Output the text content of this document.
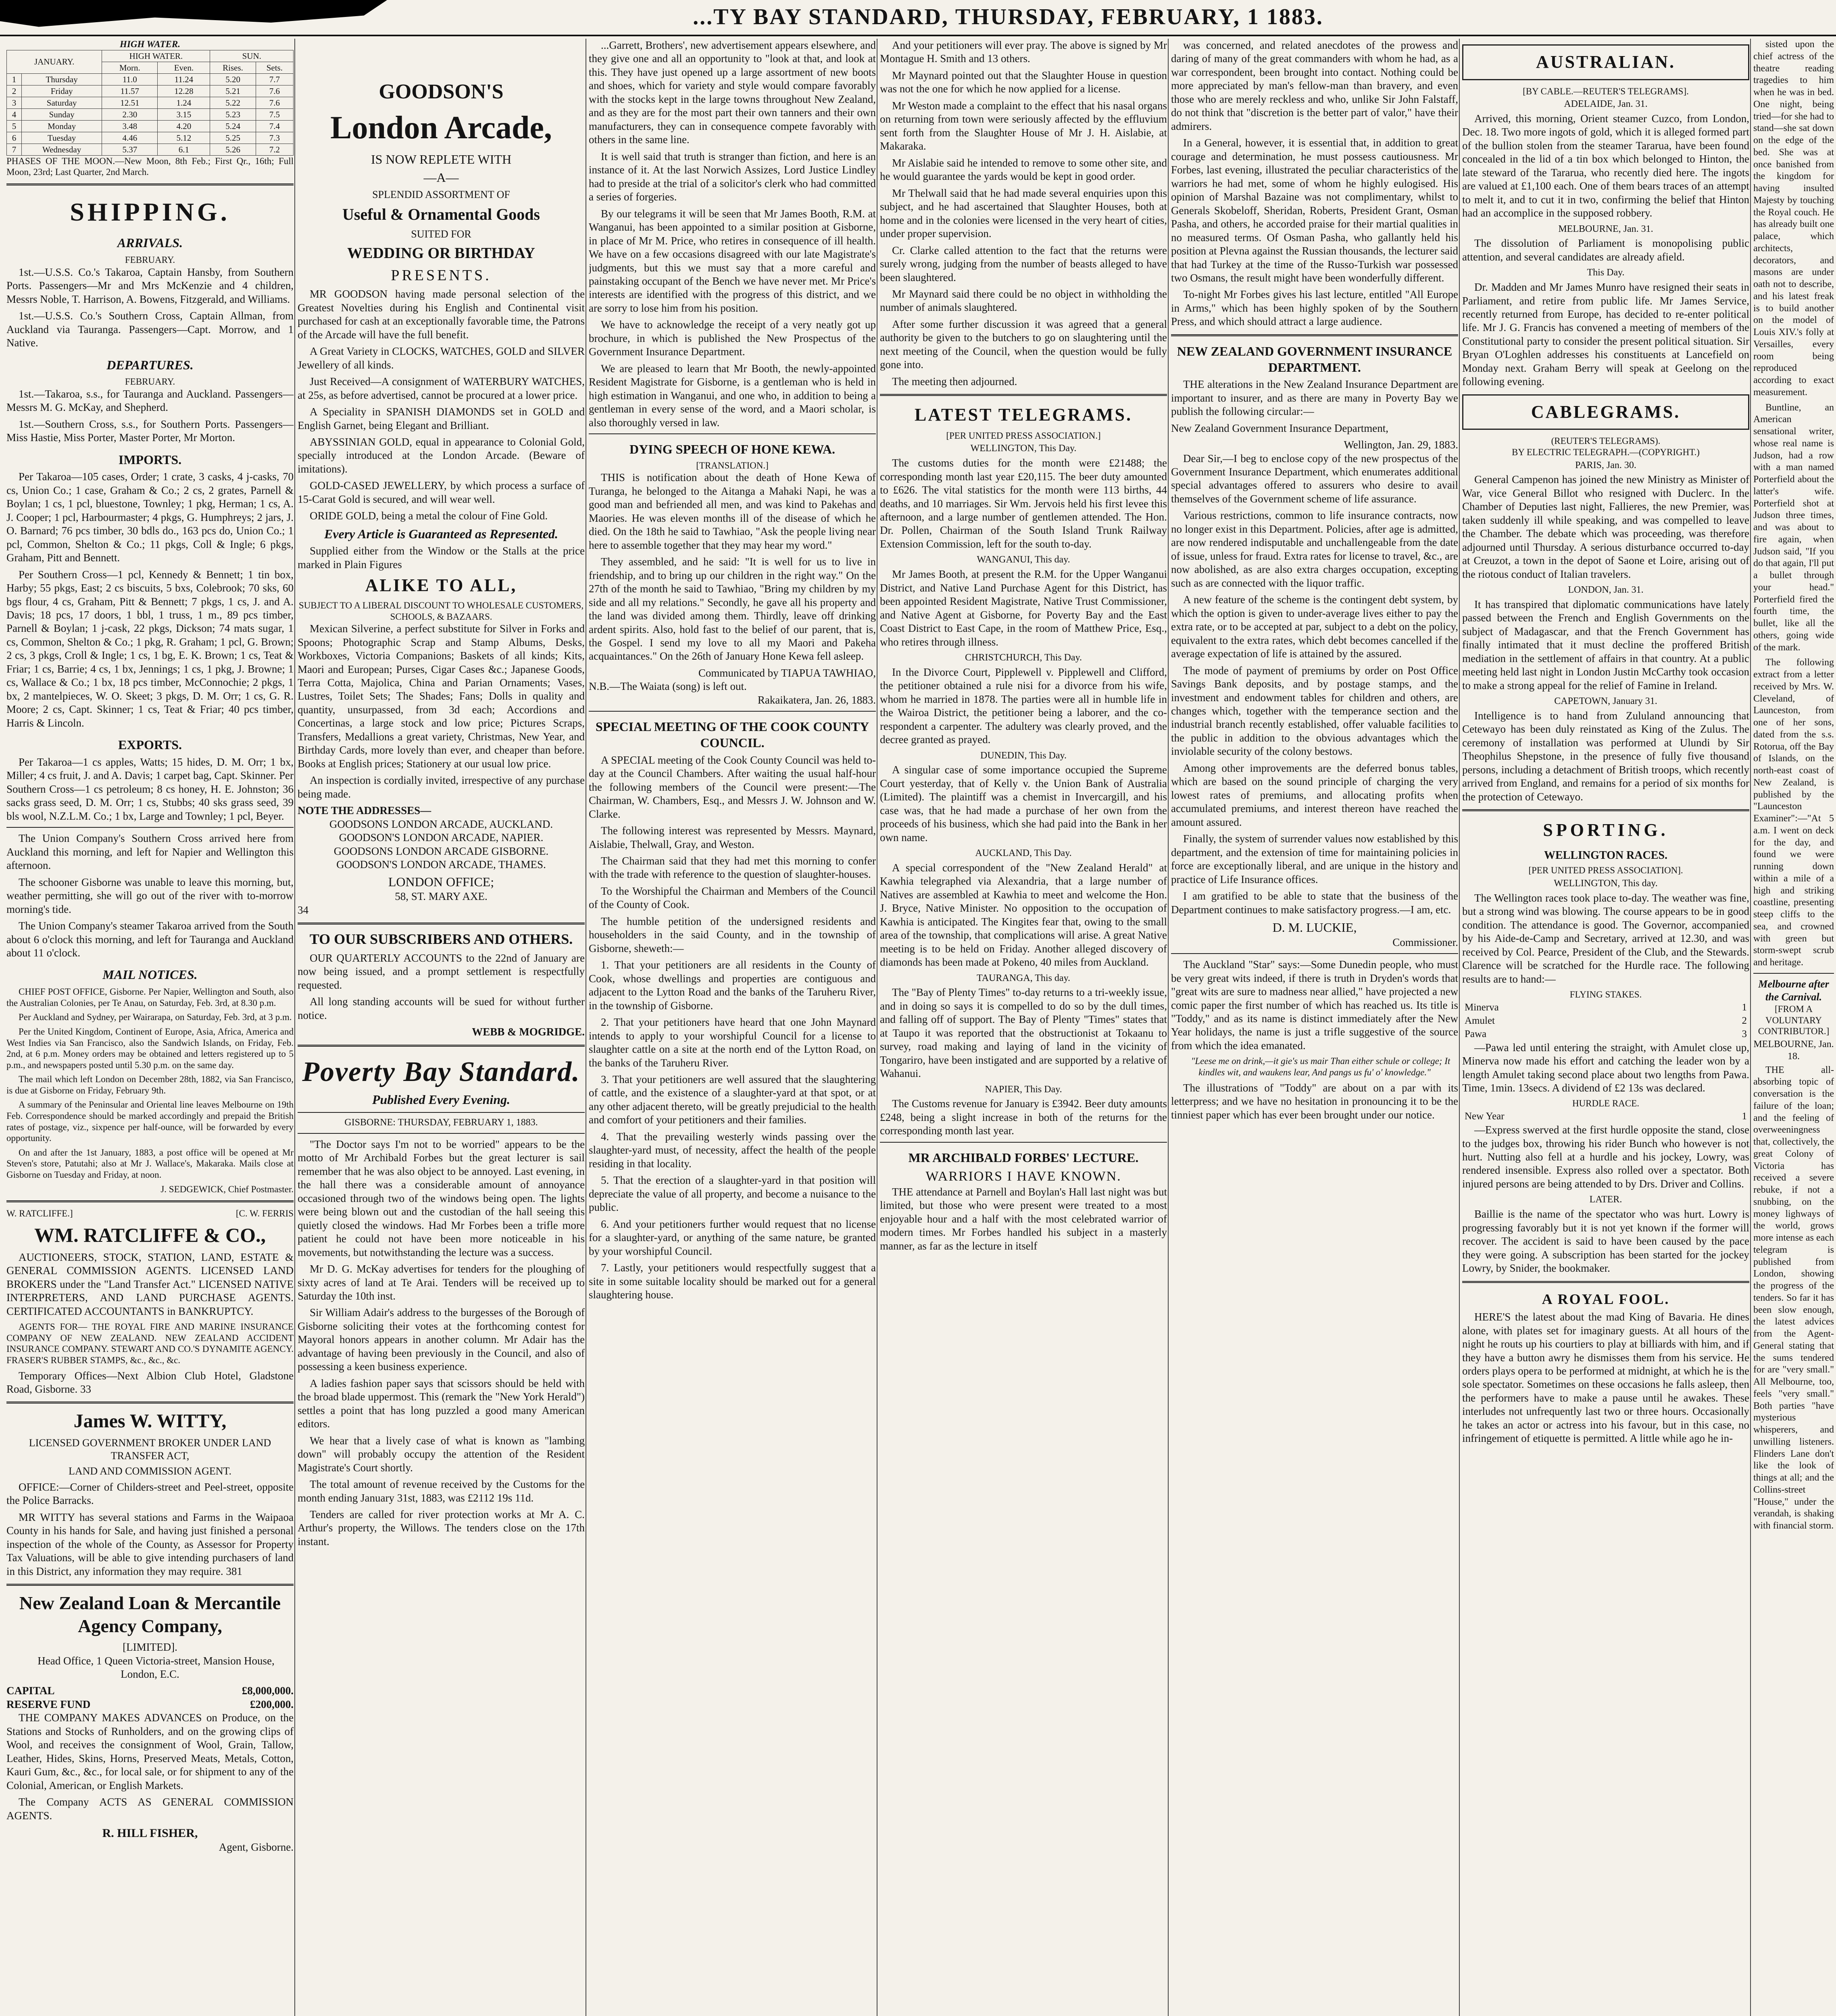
...TY BAY STANDARD, THURSDAY, FEBRUARY, 1 1883.
HIGH WATER.
JANUARY.		HIGH WATER.		SUN.	
		Morn.	Even.	Rises.	Sets.
1	Thursday	11.0	11.24	5.20	7.7
2	Friday	11.57	12.28	5.21	7.6
3	Saturday	12.51	1.24	5.22	7.6
4	Sunday	2.30	3.15	5.23	7.5
5	Monday	3.48	4.20	5.24	7.4
6	Tuesday	4.46	5.12	5.25	7.3
7	Wednesday	5.37	6.1	5.26	7.2
PHASES OF THE MOON.—New Moon, 8th Feb.; First Qr., 16th; Full Moon, 23rd; Last Quarter, 2nd March.
SHIPPING.
ARRIVALS.
FEBRUARY.

1st.—U.S.S. Co.'s Takaroa, Captain Hansby, from Southern Ports. Passengers—Mr and Mrs McKenzie and 4 children, Messrs Noble, T. Harrison, A. Bowens, Fitzgerald, and Williams.

1st.—U.S.S. Co.'s Southern Cross, Captain Allman, from Auckland via Tauranga. Passengers—Capt. Morrow, and 1 Native.

DEPARTURES.
FEBRUARY.

1st.—Takaroa, s.s., for Tauranga and Auckland. Passengers—Messrs M. G. McKay, and Shepherd.

1st.—Southern Cross, s.s., for Southern Ports. Passengers—Miss Hastie, Miss Porter, Master Porter, Mr Morton.

IMPORTS.

Per Takaroa—105 cases, Order; 1 crate, 3 casks, 4 j-casks, 70 cs, Union Co.; 1 case, Graham & Co.; 2 cs, 2 grates, Parnell & Boylan; 1 cs, 1 pcl, bluestone, Townley; 1 pkg, Herman; 1 cs, A. J. Cooper; 1 pcl, Harbourmaster; 4 pkgs, G. Humphreys; 2 jars, J. O. Barnard; 76 pcs timber, 30 bdls do., 163 pcs do, Union Co.; 1 pcl, Common, Shelton & Co.; 11 pkgs, Coll & Ingle; 6 pkgs, Graham, Pitt and Bennett.

Per Southern Cross—1 pcl, Kennedy & Bennett; 1 tin box, Harby; 55 pkgs, East; 2 cs biscuits, 5 bxs, Colebrook; 70 sks, 60 bgs flour, 4 cs, Graham, Pitt & Bennett; 7 pkgs, 1 cs, J. and A. Davis; 18 pcs, 17 doors, 1 bbl, 1 truss, 1 m., 89 pcs timber, Parnell & Boylan; 1 j-cask, 22 pkgs, Dickson; 74 mats sugar, 1 cs, Common, Shelton & Co.; 1 pkg, R. Graham; 1 pcl, G. Brown; 2 cs, 3 pkgs, Croll & Ingle; 1 cs, 1 bg, E. K. Brown; 1 cs, Teat & Friar; 1 cs, Barrie; 4 cs, 1 bx, Jennings; 1 cs, 1 pkg, J. Browne; 1 cs, Wallace & Co.; 1 bx, 18 pcs timber, McConnochie; 2 pkgs, 1 bx, 2 mantelpieces, W. O. Skeet; 3 pkgs, D. M. Orr; 1 cs, G. R. Moore; 2 cs, Capt. Skinner; 1 cs, Teat & Friar; 40 pcs timber, Harris & Lincoln.

EXPORTS.

Per Takaroa—1 cs apples, Watts; 15 hides, D. M. Orr; 1 bx, Miller; 4 cs fruit, J. and A. Davis; 1 carpet bag, Capt. Skinner. Per Southern Cross—1 cs petroleum; 8 cs honey, H. E. Johnston; 36 sacks grass seed, D. M. Orr; 1 cs, Stubbs; 40 sks grass seed, 39 bls wool, N.Z.L.M. Co.; 1 bx, Large and Townley; 1 pcl, Beyer.

The Union Company's Southern Cross arrived here from Auckland this morning, and left for Napier and Wellington this afternoon.

The schooner Gisborne was unable to leave this morning, but, weather permitting, she will go out of the river with to-morrow morning's tide.

The Union Company's steamer Takaroa arrived from the South about 6 o'clock this morning, and left for Tauranga and Auckland about 11 o'clock.

MAIL NOTICES.

CHIEF POST OFFICE, Gisborne. Per Napier, Wellington and South, also the Australian Colonies, per Te Anau, on Saturday, Feb. 3rd, at 8.30 p.m.

Per Auckland and Sydney, per Wairarapa, on Saturday, Feb. 3rd, at 3 p.m.

Per the United Kingdom, Continent of Europe, Asia, Africa, America and West Indies via San Francisco, also the Sandwich Islands, on Friday, Feb. 2nd, at 6 p.m. Money orders may be obtained and letters registered up to 5 p.m., and newspapers posted until 5.30 p.m. on the same day.

The mail which left London on December 28th, 1882, via San Francisco, is due at Gisborne on Friday, February 9th.

A summary of the Peninsular and Oriental line leaves Melbourne on 19th Feb. Correspondence should be marked accordingly and prepaid the British rates of postage, viz., sixpence per half-ounce, will be forwarded by every opportunity.

On and after the 1st January, 1883, a post office will be opened at Mr Steven's store, Patutahi; also at Mr J. Wallace's, Makaraka. Mails close at Gisborne on Tuesday and Friday, at noon.

J. SEDGEWICK, Chief Postmaster.
W. RATCLIFFE.]	[C. W. FERRIS
WM. RATCLIFFE & CO.,

AUCTIONEERS, STOCK, STATION, LAND, ESTATE & GENERAL COMMISSION AGENTS. LICENSED LAND BROKERS under the "Land Transfer Act." LICENSED NATIVE INTERPRETERS, AND LAND PURCHASE AGENTS. CERTIFICATED ACCOUNTANTS in BANKRUPTCY.

AGENTS FOR— THE ROYAL FIRE AND MARINE INSURANCE COMPANY OF NEW ZEALAND. NEW ZEALAND ACCIDENT INSURANCE COMPANY. STEWART AND CO.'S DYNAMITE AGENCY. FRASER'S RUBBER STAMPS, &c., &c., &c.

Temporary Offices—Next Albion Club Hotel, Gladstone Road, Gisborne. 33

James W. WITTY,
LICENSED GOVERNMENT BROKER UNDER LAND TRANSFER ACT,
LAND AND COMMISSION AGENT.

OFFICE:—Corner of Childers-street and Peel-street, opposite the Police Barracks.

MR WITTY has several stations and Farms in the Waipaoa County in his hands for Sale, and having just finished a personal inspection of the whole of the County, as Assessor for Property Tax Valuations, will be able to give intending purchasers of land in this District, any information they may require. 381

New Zealand Loan & Mercantile Agency Company,
[LIMITED].

Head Office, 1 Queen Victoria-street, Mansion House, London, E.C.

CAPITAL	£8,000,000.
RESERVE FUND	£200,000.

THE COMPANY MAKES ADVANCES on Produce, on the Stations and Stocks of Runholders, and on the growing clips of Wool, and receives the consignment of Wool, Grain, Tallow, Leather, Hides, Skins, Horns, Preserved Meats, Metals, Cotton, Kauri Gum, &c., &c., for local sale, or for shipment to any of the Colonial, American, or English Markets.

The Company ACTS AS GENERAL COMMISSION AGENTS.

R. HILL FISHER,
Agent, Gisborne.
GOODSON'S
London Arcade,
IS NOW REPLETE WITH
—A—
SPLENDID ASSORTMENT OF
Useful & Ornamental Goods
SUITED FOR
WEDDING OR BIRTHDAY
PRESENTS.

MR GOODSON having made personal selection of the Greatest Novelties during his English and Continental visit purchased for cash at an exceptionally favorable time, the Patrons of the Arcade will have the full benefit.

A Great Variety in CLOCKS, WATCHES, GOLD and SILVER Jewellery of all kinds.

Just Received—A consignment of WATERBURY WATCHES, at 25s, as before advertised, cannot be procured at a lower price.

A Speciality in SPANISH DIAMONDS set in GOLD and English Garnet, being Elegant and Brilliant.

ABYSSINIAN GOLD, equal in appearance to Colonial Gold, specially introduced at the London Arcade. (Beware of imitations).

GOLD-CASED JEWELLERY, by which process a surface of 15-Carat Gold is secured, and will wear well.

ORIDE GOLD, being a metal the colour of Fine Gold.

Every Article is Guaranteed as Represented.

Supplied either from the Window or the Stalls at the price marked in Plain Figures

ALIKE TO ALL,
SUBJECT TO A LIBERAL DISCOUNT TO WHOLESALE CUSTOMERS, SCHOOLS, & BAZAARS.

Mexican Silverine, a perfect substitute for Silver in Forks and Spoons; Photographic Scrap and Stamp Albums, Desks, Workboxes, Victoria Companions; Baskets of all kinds; Kits, Maori and European; Purses, Cigar Cases &c.; Japanese Goods, Terra Cotta, Majolica, China and Parian Ornaments; Vases, Lustres, Toilet Sets; The Shades; Fans; Dolls in quality and quantity, unsurpassed, from 3d each; Accordions and Concertinas, a large stock and low price; Pictures Scraps, Transfers, Medallions a great variety, Christmas, New Year, and Birthday Cards, more lovely than ever, and cheaper than before. Books at English prices; Stationery at our usual low price.

An inspection is cordially invited, irrespective of any purchase being made.

NOTE THE ADDRESSES—
GOODSONS LONDON ARCADE, AUCKLAND.
GOODSON'S LONDON ARCADE, NAPIER.
GOODSONS LONDON ARCADE GISBORNE.
GOODSON'S LONDON ARCADE, THAMES.
LONDON OFFICE;
58, ST. MARY AXE.
34
TO OUR SUBSCRIBERS AND OTHERS.

OUR QUARTERLY ACCOUNTS to the 22nd of January are now being issued, and a prompt settlement is respectfully requested.

All long standing accounts will be sued for without further notice.

WEBB & MOGRIDGE.
Poverty Bay Standard.
Published Every Evening.
GISBORNE: THURSDAY, FEBRUARY 1, 1883.

"The Doctor says I'm not to be worried" appears to be the motto of Mr Archibald Forbes but the great lecturer is sail remember that he was also object to be annoyed. Last evening, in the hall there was a considerable amount of annoyance occasioned through two of the windows being open. The lights were being blown out and the custodian of the hall seeing this quietly closed the windows. Had Mr Forbes been a trifle more patient he could not have been more noticeable in his movements, but notwithstanding the lecture was a success.

Mr D. G. McKay advertises for tenders for the ploughing of sixty acres of land at Te Arai. Tenders will be received up to Saturday the 10th inst.

Sir William Adair's address to the burgesses of the Borough of Gisborne soliciting their votes at the forthcoming contest for Mayoral honors appears in another column. Mr Adair has the advantage of having been previously in the Council, and also of possessing a keen business experience.

A ladies fashion paper says that scissors should be held with the broad blade uppermost. This (remark the "New York Herald") settles a point that has long puzzled a good many American editors.

We hear that a lively case of what is known as "lambing down" will probably occupy the attention of the Resident Magistrate's Court shortly.

The total amount of revenue received by the Customs for the month ending January 31st, 1883, was £2112 19s 11d.

Tenders are called for river protection works at Mr A. C. Arthur's property, the Willows. The tenders close on the 17th instant.

...Garrett, Brothers', new advertisement appears elsewhere, and they give one and all an opportunity to "look at that, and look at this. They have just opened up a large assortment of new boots and shoes, which for variety and style would compare favorably with the stocks kept in the large towns throughout New Zealand, and as they are for the most part their own tanners and their own manufacturers, they can in consequence compete favorably with others in the same line.

It is well said that truth is stranger than fiction, and here is an instance of it. At the last Norwich Assizes, Lord Justice Lindley had to preside at the trial of a solicitor's clerk who had committed a series of forgeries.

By our telegrams it will be seen that Mr James Booth, R.M. at Wanganui, has been appointed to a similar position at Gisborne, in place of Mr M. Price, who retires in consequence of ill health. We have on a few occasions disagreed with our late Magistrate's judgments, but this we must say that a more careful and painstaking occupant of the Bench we have never met. Mr Price's interests are identified with the progress of this district, and we are sorry to lose him from his position.

We have to acknowledge the receipt of a very neatly got up brochure, in which is published the New Prospectus of the Government Insurance Department.

We are pleased to learn that Mr Booth, the newly-appointed Resident Magistrate for Gisborne, is a gentleman who is held in high estimation in Wanganui, and one who, in addition to being a gentleman in every sense of the word, and a Maori scholar, is also thoroughly versed in law.

DYING SPEECH OF HONE KEWA.
[TRANSLATION.]

THIS is notification about the death of Hone Kewa of Turanga, he belonged to the Aitanga a Mahaki Napi, he was a good man and befriended all men, and was kind to Pakehas and Maories. He was eleven months ill of the disease of which he died. On the 18th he said to Tawhiao, "Ask the people living near here to assemble together that they may hear my word."

They assembled, and he said: "It is well for us to live in friendship, and to bring up our children in the right way." On the 27th of the month he said to Tawhiao, "Bring my children by my side and all my relations." Secondly, he gave all his property and the land was divided among them. Thirdly, leave off drinking ardent spirits. Also, hold fast to the belief of our parent, that is, the Gospel. I send my love to all my Maori and Pakeha acquaintances." On the 26th of January Hone Kewa fell asleep.

Communicated by TIAPUA TAWHIAO,
N.B.—The Waiata (song) is left out.
Rakaikatera, Jan. 26, 1883.
SPECIAL MEETING OF THE COOK COUNTY COUNCIL.

A SPECIAL meeting of the Cook County Council was held to-day at the Council Chambers. After waiting the usual half-hour the following members of the Council were present:—The Chairman, W. Chambers, Esq., and Messrs J. W. Johnson and W. Clarke.

The following interest was represented by Messrs. Maynard, Aislabie, Thelwall, Gray, and Weston.

The Chairman said that they had met this morning to confer with the trade with reference to the question of slaughter-houses.

To the Worshipful the Chairman and Members of the Council of the County of Cook.

The humble petition of the undersigned residents and householders in the said County, and in the township of Gisborne, sheweth:—

1. That your petitioners are all residents in the County of Cook, whose dwellings and properties are contiguous and adjacent to the Lytton Road and the banks of the Taruheru River, in the township of Gisborne.

2. That your petitioners have heard that one John Maynard intends to apply to your worshipful Council for a license to slaughter cattle on a site at the north end of the Lytton Road, on the banks of the Taruheru River.

3. That your petitioners are well assured that the slaughtering of cattle, and the existence of a slaughter-yard at that spot, or at any other adjacent thereto, will be greatly prejudicial to the health and comfort of your petitioners and their families.

4. That the prevailing westerly winds passing over the slaughter-yard must, of necessity, affect the health of the people residing in that locality.

5. That the erection of a slaughter-yard in that position will depreciate the value of all property, and become a nuisance to the public.

6. And your petitioners further would request that no license for a slaughter-yard, or anything of the same nature, be granted by your worshipful Council.

7. Lastly, your petitioners would respectfully suggest that a site in some suitable locality should be marked out for a general slaughtering house.

And your petitioners will ever pray. The above is signed by Mr Montague H. Smith and 13 others.

Mr Maynard pointed out that the Slaughter House in question was not the one for which he now applied for a license.

Mr Weston made a complaint to the effect that his nasal organs on returning from town were seriously affected by the effluvium sent forth from the Slaughter House of Mr J. H. Aislabie, at Makaraka.

Mr Aislabie said he intended to remove to some other site, and he would guarantee the yards would be kept in good order.

Mr Thelwall said that he had made several enquiries upon this subject, and he had ascertained that Slaughter Houses, both at home and in the colonies were licensed in the very heart of cities, under proper supervision.

Cr. Clarke called attention to the fact that the returns were surely wrong, judging from the number of beasts alleged to have been slaughtered.

Mr Maynard said there could be no object in withholding the number of animals slaughtered.

After some further discussion it was agreed that a general authority be given to the butchers to go on slaughtering until the next meeting of the Council, when the question would be fully gone into.

The meeting then adjourned.

LATEST TELEGRAMS.
[PER UNITED PRESS ASSOCIATION.]
WELLINGTON, This Day.

The customs duties for the month were £21488; the corresponding month last year £20,115. The beer duty amounted to £626. The vital statistics for the month were 113 births, 44 deaths, and 10 marriages. Sir Wm. Jervois held his first levee this afternoon, and a large number of gentlemen attended. The Hon. Dr. Pollen, Chairman of the South Island Trunk Railway Extension Commission, left for the south to-day.

WANGANUI, This day.

Mr James Booth, at present the R.M. for the Upper Wanganui District, and Native Land Purchase Agent for this District, has been appointed Resident Magistrate, Native Trust Commissioner, and Native Agent at Gisborne, for Poverty Bay and the East Coast District to East Cape, in the room of Matthew Price, Esq., who retires through illness.

CHRISTCHURCH, This Day.

In the Divorce Court, Pipplewell v. Pipplewell and Clifford, the petitioner obtained a rule nisi for a divorce from his wife, whom he married in 1878. The parties were all in humble life in the Wairoa District, the petitioner being a laborer, and the co-respondent a carpenter. The adultery was clearly proved, and the decree granted as prayed.

DUNEDIN, This Day.

A singular case of some importance occupied the Supreme Court yesterday, that of Kelly v. the Union Bank of Australia (Limited). The plaintiff was a chemist in Invercargill, and his case was, that he had made a purchase of her own from the proceeds of his business, which she had paid into the Bank in her own name.

AUCKLAND, This Day.

A special correspondent of the "New Zealand Herald" at Kawhia telegraphed via Alexandria, that a large number of Natives are assembled at Kawhia to meet and welcome the Hon. J. Bryce, Native Minister. No opposition to the occupation of Kawhia is anticipated. The Kingites fear that, owing to the small area of the township, that complications will arise. A great Native meeting is to be held on Friday. Another alleged discovery of diamonds has been made at Pokeno, 40 miles from Auckland.

TAURANGA, This day.

The "Bay of Plenty Times" to-day returns to a tri-weekly issue, and in doing so says it is compelled to do so by the dull times, and falling off of support. The Bay of Plenty "Times" states that at Taupo it was reported that the obstructionist at Tokaanu to survey, road making and laying of land in the vicinity of Tongariro, have been instigated and are supported by a relative of Wahanui.

NAPIER, This Day.

The Customs revenue for January is £3942. Beer duty amounts £248, being a slight increase in both of the returns for the corresponding month last year.

MR ARCHIBALD FORBES' LECTURE.
WARRIORS I HAVE KNOWN.

THE attendance at Parnell and Boylan's Hall last night was but limited, but those who were present were treated to a most enjoyable hour and a half with the most celebrated warrior of modern times. Mr Forbes handled his subject in a masterly manner, as far as the lecture in itself

was concerned, and related anecdotes of the prowess and daring of many of the great commanders with whom he had, as a war correspondent, been brought into contact. Nothing could be more appreciated by man's fellow-man than bravery, and even those who are merely reckless and who, unlike Sir John Falstaff, do not think that "discretion is the better part of valor," have their admirers.

In a General, however, it is essential that, in addition to great courage and determination, he must possess cautiousness. Mr Forbes, last evening, illustrated the peculiar characteristics of the warriors he had met, some of whom he highly eulogised. His opinion of Marshal Bazaine was not complimentary, whilst to Generals Skobeloff, Sheridan, Roberts, President Grant, Osman Pasha, and others, he accorded praise for their martial qualities in no measured terms. Of Osman Pasha, who gallantly held his position at Plevna against the Russian thousands, the lecturer said that had Turkey at the time of the Russo-Turkish war possessed two Osmans, the result might have been wonderfully different.

To-night Mr Forbes gives his last lecture, entitled "All Europe in Arms," which has been highly spoken of by the Southern Press, and which should attract a large audience.

NEW ZEALAND GOVERNMENT INSURANCE DEPARTMENT.

THE alterations in the New Zealand Insurance Department are important to insurer, and as there are many in Poverty Bay we publish the following circular:—

New Zealand Government Insurance Department,

Wellington, Jan. 29, 1883.

Dear Sir,—I beg to enclose copy of the new prospectus of the Government Insurance Department, which enumerates additional special advantages offered to assurers who desire to avail themselves of the Government scheme of life assurance.

Various restrictions, common to life insurance contracts, now no longer exist in this Department. Policies, after age is admitted, are now rendered indisputable and unchallengeable from the date of issue, unless for fraud. Extra rates for license to travel, &c., are now abolished, as are also extra charges occupation, excepting such as are connected with the liquor traffic.

A new feature of the scheme is the contingent debt system, by which the option is given to under-average lives either to pay the extra rate, or to be accepted at par, subject to a debt on the policy, equivalent to the extra rates, which debt becomes cancelled if the average expectation of life is attained by the assured.

The mode of payment of premiums by order on Post Office Savings Bank deposits, and by postage stamps, and the investment and endowment tables for children and others, are changes which, together with the temperance section and the industrial branch recently established, offer valuable facilities to the public in addition to the obvious advantages which the inviolable security of the colony bestows.

Among other improvements are the deferred bonus tables, which are based on the sound principle of charging the very lowest rates of premiums, and allocating profits when accumulated premiums, and interest thereon have reached the amount assured.

Finally, the system of surrender values now established by this department, and the extension of time for maintaining policies in force are exceptionally liberal, and are unique in the history and practice of Life Insurance offices.

I am gratified to be able to state that the business of the Department continues to make satisfactory progress.—I am, etc.

D. M. LUCKIE,
Commissioner.

The Auckland "Star" says:—Some Dunedin people, who must be very great wits indeed, if there is truth in Dryden's words that "great wits are sure to madness near allied," have projected a new comic paper the first number of which has reached us. Its title is "Toddy," and as its name is distinct immediately after the New Year holidays, the name is just a trifle suggestive of the source from which the idea emanated.

"Leese me on drink,—it gie's us mair Than either schule or college; It kindles wit, and waukens lear, And pangs us fu' o' knowledge."

The illustrations of "Toddy" are about on a par with its letterpress; and we have no hesitation in pronouncing it to be the tinniest paper which has ever been brought under our notice.

AUSTRALIAN.
[BY CABLE.—REUTER'S TELEGRAMS].
ADELAIDE, Jan. 31.

Arrived, this morning, Orient steamer Cuzco, from London, Dec. 18. Two more ingots of gold, which it is alleged formed part of the bullion stolen from the steamer Tararua, have been found concealed in the lid of a tin box which belonged to Hinton, the late steward of the Tararua, who recently died here. The ingots are valued at £1,100 each. One of them bears traces of an attempt to melt it, and to cut it in two, confirming the belief that Hinton had an accomplice in the supposed robbery.

MELBOURNE, Jan. 31.

The dissolution of Parliament is monopolising public attention, and several candidates are already afield.

This Day.

Dr. Madden and Mr James Munro have resigned their seats in Parliament, and retire from public life. Mr James Service, recently returned from Europe, has decided to re-enter political life. Mr J. G. Francis has convened a meeting of members of the Constitutional party to consider the present political situation. Sir Bryan O'Loghlen addresses his constituents at Lancefield on Monday next. Graham Berry will speak at Geelong on the following evening.

CABLEGRAMS.
(REUTER'S TELEGRAMS).
BY ELECTRIC TELEGRAPH.—(COPYRIGHT.)
PARIS, Jan. 30.

General Campenon has joined the new Ministry as Minister of War, vice General Billot who resigned with Duclerc. In the Chamber of Deputies last night, Fallieres, the new Premier, was taken suddenly ill while speaking, and was compelled to leave the Chamber. The debate which was proceeding, was therefore adjourned until Thursday. A serious disturbance occurred to-day at Creuzot, a town in the depot of Saone et Loire, arising out of the riotous conduct of Italian travelers.

LONDON, Jan. 31.

It has transpired that diplomatic communications have lately passed between the French and English Governments on the subject of Madagascar, and that the French Government has finally intimated that it must decline the proffered British mediation in the settlement of affairs in that country. At a public meeting held last night in London Justin McCarthy took occasion to make a strong appeal for the relief of Famine in Ireland.

CAPETOWN, January 31.

Intelligence is to hand from Zululand announcing that Cetewayo has been duly reinstated as King of the Zulus. The ceremony of installation was performed at Ulundi by Sir Theophilus Shepstone, in the presence of fully five thousand persons, including a detachment of British troops, which recently arrived from England, and remains for a period of six months for the protection of Cetewayo.

SPORTING.
WELLINGTON RACES.
[PER UNITED PRESS ASSOCIATION].
WELLINGTON, This day.

The Wellington races took place to-day. The weather was fine, but a strong wind was blowing. The course appears to be in good condition. The attendance is good. The Governor, accompanied by his Aide-de-Camp and Secretary, arrived at 12.30, and was received by Col. Pearce, President of the Club, and the Stewards. Clarence will be scratched for the Hurdle race. The following results are to hand:—

FLYING STAKES.
Minerva	1
Amulet	2
Pawa	3

—Pawa led until entering the straight, with Amulet close up, Minerva now made his effort and catching the leader won by a length Amulet taking second place about two lengths from Pawa. Time, 1min. 13secs. A dividend of £2 13s was declared.

HURDLE RACE.
New Year	1

—Express swerved at the first hurdle opposite the stand, close to the judges box, throwing his rider Bunch who however is not hurt. Nutting also fell at a hurdle and his jockey, Lowry, was rendered insensible. Express also rolled over a spectator. Both injured persons are being attended to by Drs. Driver and Collins.

LATER.

Baillie is the name of the spectator who was hurt. Lowry is progressing favorably but it is not yet known if the former will recover. The accident is said to have been caused by the pace they were going. A subscription has been started for the jockey Lowry, by Snider, the bookmaker.

A ROYAL FOOL.

HERE'S the latest about the mad King of Bavaria. He dines alone, with plates set for imaginary guests. At all hours of the night he routs up his courtiers to play at billiards with him, and if they have a button awry he dismisses them from his service. He orders plays opera to be performed at midnight, at which he is the sole spectator. Sometimes on these occasions he falls asleep, then the performers have to make a pause until he awakes. These interludes not unfrequently last two or three hours. Occasionally he takes an actor or actress into his favour, but in this case, no infringement of etiquette is permitted. A little while ago he in-

sisted upon the chief actress of the theatre reading tragedies to him when he was in bed. One night, being tried—for she had to stand—she sat down on the edge of the bed. She was at once banished from the kingdom for having insulted Majesty by touching the Royal couch. He has already built one palace, which architects, decorators, and masons are under oath not to describe, and his latest freak is to build another on the model of Louis XIV.'s folly at Versailles, every room being reproduced according to exact measurement.

Buntline, an American sensational writer, whose real name is Judson, had a row with a man named Porterfield about the latter's wife. Porterfield shot at Judson three times, and was about to fire again, when Judson said, "If you do that again, I'll put a bullet through your head." Porterfield fired the fourth time, the bullet, like all the others, going wide of the mark.

The following extract from a letter received by Mrs. W. Cleveland, of Launceston, from one of her sons, dated from the s.s. Rotorua, off the Bay of Islands, on the north-east coast of New Zealand, is published by the "Launceston Examiner":—"At 5 a.m. I went on deck for the day, and found we were running down within a mile of a high and striking coastline, presenting steep cliffs to the sea, and crowned with green but storm-swept scrub and heritage.

Melbourne after the Carnival.
[FROM A VOLUNTARY CONTRIBUTOR.]
MELBOURNE, Jan. 18.

THE all-absorbing topic of conversation is the failure of the loan; and the feeling of overweeningness that, collectively, the great Colony of Victoria has received a severe rebuke, if not a snubbing, on the money lighways of the world, grows more intense as each telegram is published from London, showing the progress of the tenders. So far it has been slow enough, the latest advices from the Agent-General stating that the sums tendered for are "very small." All Melbourne, too, feels "very small." Both parties "have mysterious whisperers, and unwilling listeners. Flinders Lane don't like the look of things at all; and the Collins-street "House," under the verandah, is shaking with financial storm.
